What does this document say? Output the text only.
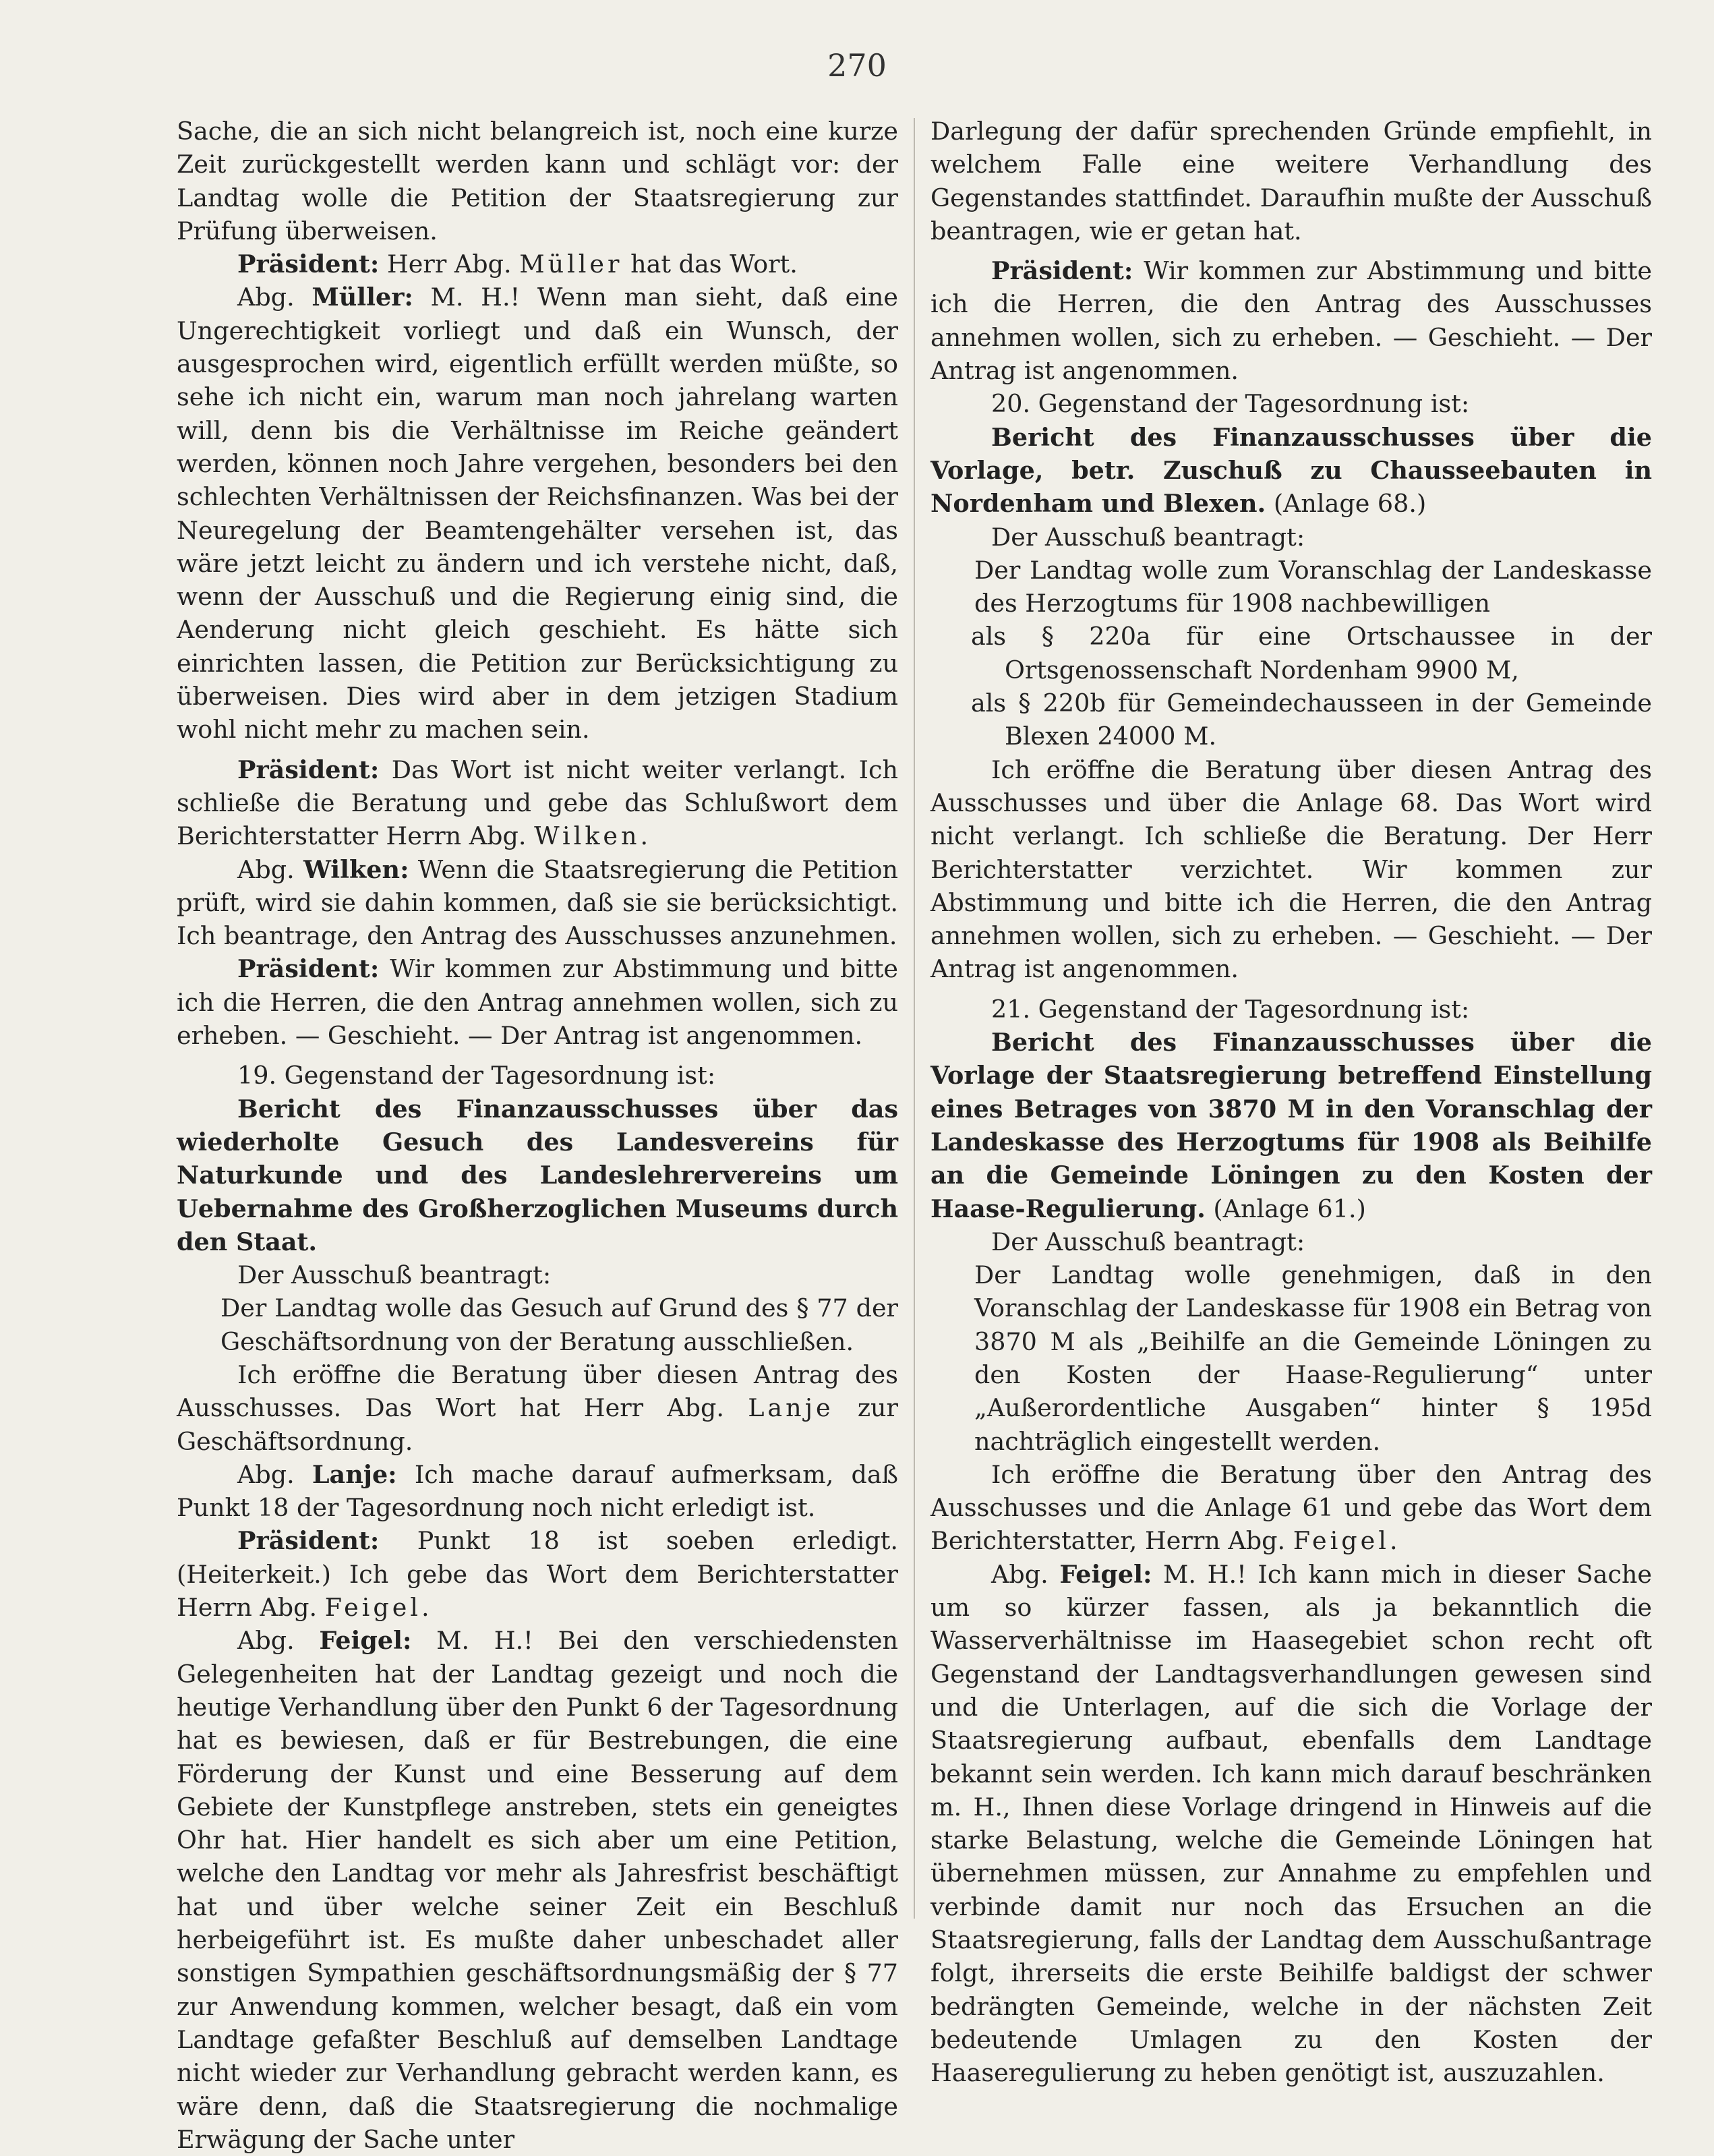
270

Sache, die an sich nicht belangreich ist, noch eine kurze Zeit zurückgestellt werden kann und schlägt vor: der Landtag wolle die Petition der Staatsregierung zur Prüfung überweisen.

Präsident: Herr Abg. Müller hat das Wort.

Abg. Müller: M. H.! Wenn man sieht, daß eine Ungerechtigkeit vorliegt und daß ein Wunsch, der ausgesprochen wird, eigentlich erfüllt werden müßte, so sehe ich nicht ein, warum man noch jahrelang warten will, denn bis die Verhältnisse im Reiche geändert werden, können noch Jahre vergehen, besonders bei den schlechten Verhältnissen der Reichsfinanzen. Was bei der Neuregelung der Beamtengehälter versehen ist, das wäre jetzt leicht zu ändern und ich verstehe nicht, daß, wenn der Ausschuß und die Regierung einig sind, die Aenderung nicht gleich geschieht. Es hätte sich einrichten lassen, die Petition zur Berücksichtigung zu überweisen. Dies wird aber in dem jetzigen Stadium wohl nicht mehr zu machen sein.

Präsident: Das Wort ist nicht weiter verlangt. Ich schließe die Beratung und gebe das Schlußwort dem Berichterstatter Herrn Abg. Wilken.

Abg. Wilken: Wenn die Staatsregierung die Petition prüft, wird sie dahin kommen, daß sie sie berücksichtigt. Ich beantrage, den Antrag des Ausschusses anzunehmen.

Präsident: Wir kommen zur Abstimmung und bitte ich die Herren, die den Antrag annehmen wollen, sich zu erheben. — Geschieht. — Der Antrag ist angenommen.

19. Gegenstand der Tagesordnung ist:

Bericht des Finanzausschusses über das wiederholte Gesuch des Landesvereins für Naturkunde und des Landeslehrervereins um Uebernahme des Großherzoglichen Museums durch den Staat.

Der Ausschuß beantragt:

Der Landtag wolle das Gesuch auf Grund des § 77 der Geschäftsordnung von der Beratung ausschließen.

Ich eröffne die Beratung über diesen Antrag des Ausschusses. Das Wort hat Herr Abg. Lanje zur Geschäftsordnung.

Abg. Lanje: Ich mache darauf aufmerksam, daß Punkt 18 der Tagesordnung noch nicht erledigt ist.

Präsident: Punkt 18 ist soeben erledigt. (Heiterkeit.) Ich gebe das Wort dem Berichterstatter Herrn Abg. Feigel.

Abg. Feigel: M. H.! Bei den verschiedensten Gelegenheiten hat der Landtag gezeigt und noch die heutige Verhandlung über den Punkt 6 der Tagesordnung hat es bewiesen, daß er für Bestrebungen, die eine Förderung der Kunst und eine Besserung auf dem Gebiete der Kunstpflege anstreben, stets ein geneigtes Ohr hat. Hier handelt es sich aber um eine Petition, welche den Landtag vor mehr als Jahresfrist beschäftigt hat und über welche seiner Zeit ein Beschluß herbeigeführt ist. Es mußte daher unbeschadet aller sonstigen Sympathien geschäftsordnungsmäßig der § 77 zur Anwendung kommen, welcher besagt, daß ein vom Landtage gefaßter Beschluß auf demselben Landtage nicht wieder zur Verhandlung gebracht werden kann, es wäre denn, daß die Staatsregierung die nochmalige Erwägung der Sache unter

Darlegung der dafür sprechenden Gründe empfiehlt, in welchem Falle eine weitere Verhandlung des Gegenstandes stattfindet. Daraufhin mußte der Ausschuß beantragen, wie er getan hat.

Präsident: Wir kommen zur Abstimmung und bitte ich die Herren, die den Antrag des Ausschusses annehmen wollen, sich zu erheben. — Geschieht. — Der Antrag ist angenommen.

20. Gegenstand der Tagesordnung ist:

Bericht des Finanzausschusses über die Vorlage, betr. Zuschuß zu Chausseebauten in Nordenham und Blexen. (Anlage 68.)

Der Ausschuß beantragt:

Der Landtag wolle zum Voranschlag der Landeskasse des Herzogtums für 1908 nachbewilligen

als § 220a für eine Ortschaussee in der Ortsgenossenschaft Nordenham 9900 M,

als § 220b für Gemeindechausseen in der Gemeinde Blexen 24000 M.

Ich eröffne die Beratung über diesen Antrag des Ausschusses und über die Anlage 68. Das Wort wird nicht verlangt. Ich schließe die Beratung. Der Herr Berichterstatter verzichtet. Wir kommen zur Abstimmung und bitte ich die Herren, die den Antrag annehmen wollen, sich zu erheben. — Geschieht. — Der Antrag ist angenommen.

21. Gegenstand der Tagesordnung ist:

Bericht des Finanzausschusses über die Vorlage der Staatsregierung betreffend Einstellung eines Betrages von 3870 M in den Voranschlag der Landeskasse des Herzogtums für 1908 als Beihilfe an die Gemeinde Löningen zu den Kosten der Haase-Regulierung. (Anlage 61.)

Der Ausschuß beantragt:

Der Landtag wolle genehmigen, daß in den Voranschlag der Landeskasse für 1908 ein Betrag von 3870 M als „Beihilfe an die Gemeinde Löningen zu den Kosten der Haase-Regulierung“ unter „Außerordentliche Ausgaben“ hinter § 195d nachträglich eingestellt werden.

Ich eröffne die Beratung über den Antrag des Ausschusses und die Anlage 61 und gebe das Wort dem Berichterstatter, Herrn Abg. Feigel.

Abg. Feigel: M. H.! Ich kann mich in dieser Sache um so kürzer fassen, als ja bekanntlich die Wasserverhältnisse im Haasegebiet schon recht oft Gegenstand der Landtagsverhandlungen gewesen sind und die Unterlagen, auf die sich die Vorlage der Staatsregierung aufbaut, ebenfalls dem Landtage bekannt sein werden. Ich kann mich darauf beschränken m. H., Ihnen diese Vorlage dringend in Hinweis auf die starke Belastung, welche die Gemeinde Löningen hat übernehmen müssen, zur Annahme zu empfehlen und verbinde damit nur noch das Ersuchen an die Staatsregierung, falls der Landtag dem Ausschußantrage folgt, ihrerseits die erste Beihilfe baldigst der schwer bedrängten Gemeinde, welche in der nächsten Zeit bedeutende Umlagen zu den Kosten der Haaseregulierung zu heben genötigt ist, auszuzahlen.
